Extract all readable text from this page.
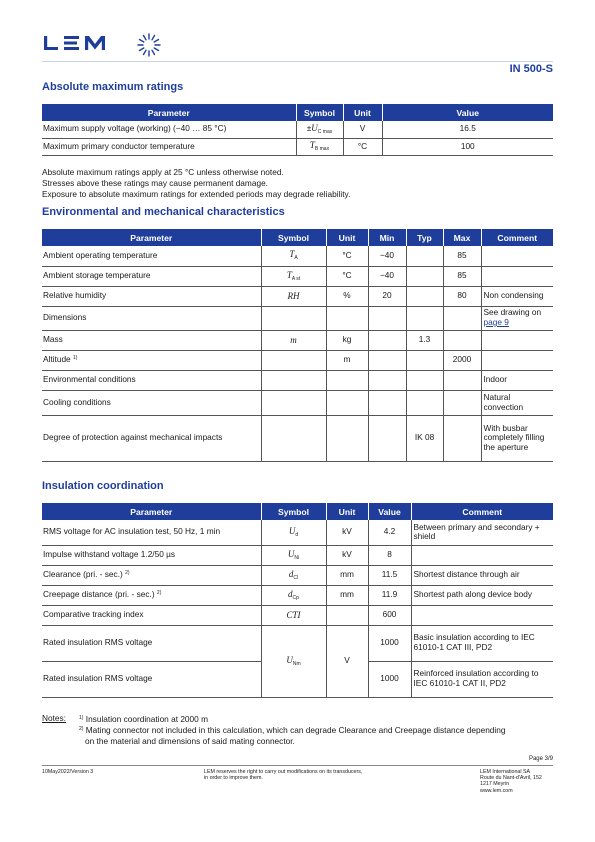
IN 500-S
Absolute maximum ratings
Parameter	Symbol	Unit	Value
Maximum supply voltage (working) (−40 … 85 °C)	$\pm U_{C max}$	V	16.5
Maximum primary conductor temperature	$T_{B max}$	°C	100
Absolute maximum ratings apply at 25 °C unless otherwise noted.
Stresses above these ratings may cause permanent damage.
Exposure to absolute maximum ratings for extended periods may degrade reliability.
Environmental and mechanical characteristics
Parameter	Symbol	Unit	Min	Typ	Max	Comment
Ambient operating temperature	$T_A$	°C	−40		85	
Ambient storage temperature	$T_{A st}$	°C	−40		85	
Relative humidity	RH	%	20		80	Non condensing
Dimensions						See drawing on
page 9
Mass	m	kg		1.3		
Altitude $^{1)}$		m			2000	
Environmental conditions						Indoor
Cooling conditions						Natural convection
Degree of protection against mechanical impacts				IK 08		With busbar completely filling the aperture
Insulation coordination
Parameter	Symbol	Unit	Value	Comment
RMS voltage for AC insulation test, 50 Hz, 1 min	$U_d$	kV	4.2	Between primary and secondary + shield
Impulse withstand voltage 1.2/50 µs	$U_{Ni}$	kV	8	
Clearance (pri. - sec.) $^{2)}$	$d_{Cl}$	mm	11.5	Shortest distance through air
Creepage distance (pri. - sec.) $^{2)}$	$d_{Cp}$	mm	11.9	Shortest path along device body
Comparative tracking index	CTI		600	
Rated insulation RMS voltage	$U_{Nm}$	V	1000	Basic insulation according to IEC 61010-1 CAT III, PD2
Rated insulation RMS voltage			1000	Reinforced insulation according to IEC 61010-1 CAT II, PD2
Notes:	$^{1)}$ Insulation coordination at 2000 m
$^{2)}$ Mating connector not included in this calculation, which can degrade Clearance and Creepage distance depending
on the material and dimensions of said mating connector.
Page 3/9
10May2022/Version 3	LEM reserves the right to carry out modifications on its transducers,
in order to improve them.
LEM International SA
Route du Nant-d'Avril, 152
1217 Meyrin
www.lem.com
